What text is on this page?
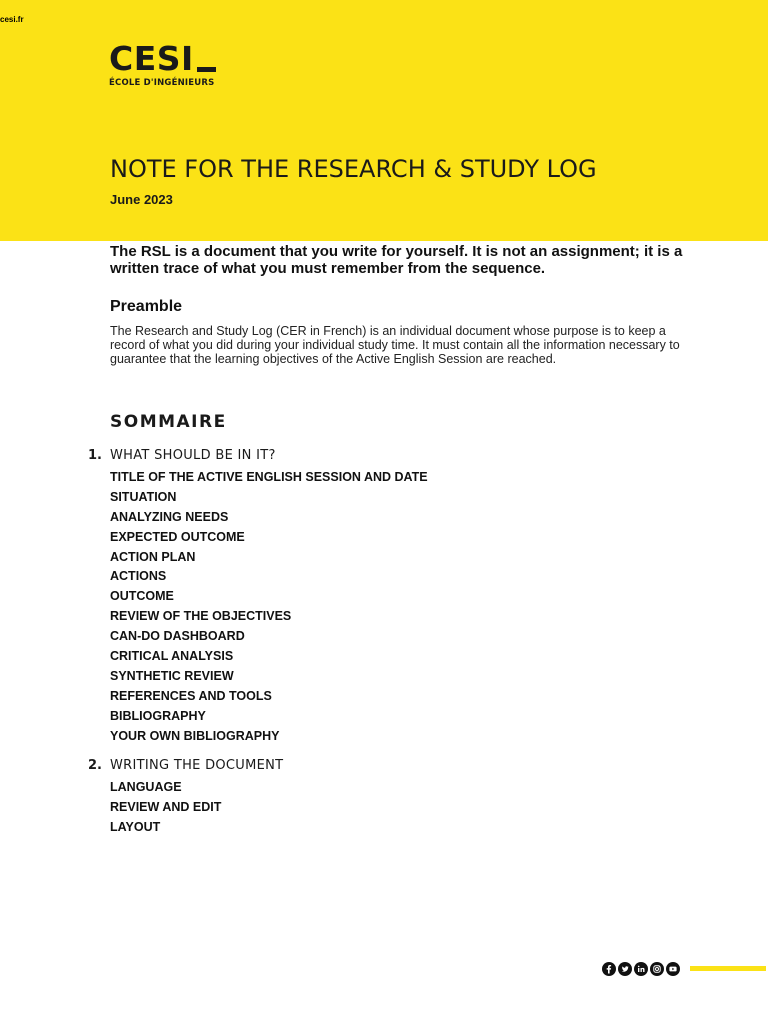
cesi.fr
CESI
ÉCOLE D'INGÉNIEURS
NOTE FOR THE RESEARCH & STUDY LOG
June 2023

The RSL is a document that you write for yourself. It is not an assignment; it is a written trace of what you must remember from the sequence.

Preamble

The Research and Study Log (CER in French) is an individual document whose purpose is to keep a record of what you did during your individual study time. It must contain all the information necessary to guarantee that the learning objectives of the Active English Session are reached.

SOMMAIRE
1. WHAT SHOULD BE IN IT?
TITLE OF THE ACTIVE ENGLISH SESSION AND DATE
SITUATION
ANALYZING NEEDS
EXPECTED OUTCOME
ACTION PLAN
ACTIONS
OUTCOME
REVIEW OF THE OBJECTIVES
CAN-DO DASHBOARD
CRITICAL ANALYSIS
SYNTHETIC REVIEW
REFERENCES AND TOOLS
BIBLIOGRAPHY
YOUR OWN BIBLIOGRAPHY
2. WRITING THE DOCUMENT
LANGUAGE
REVIEW AND EDIT
LAYOUT
